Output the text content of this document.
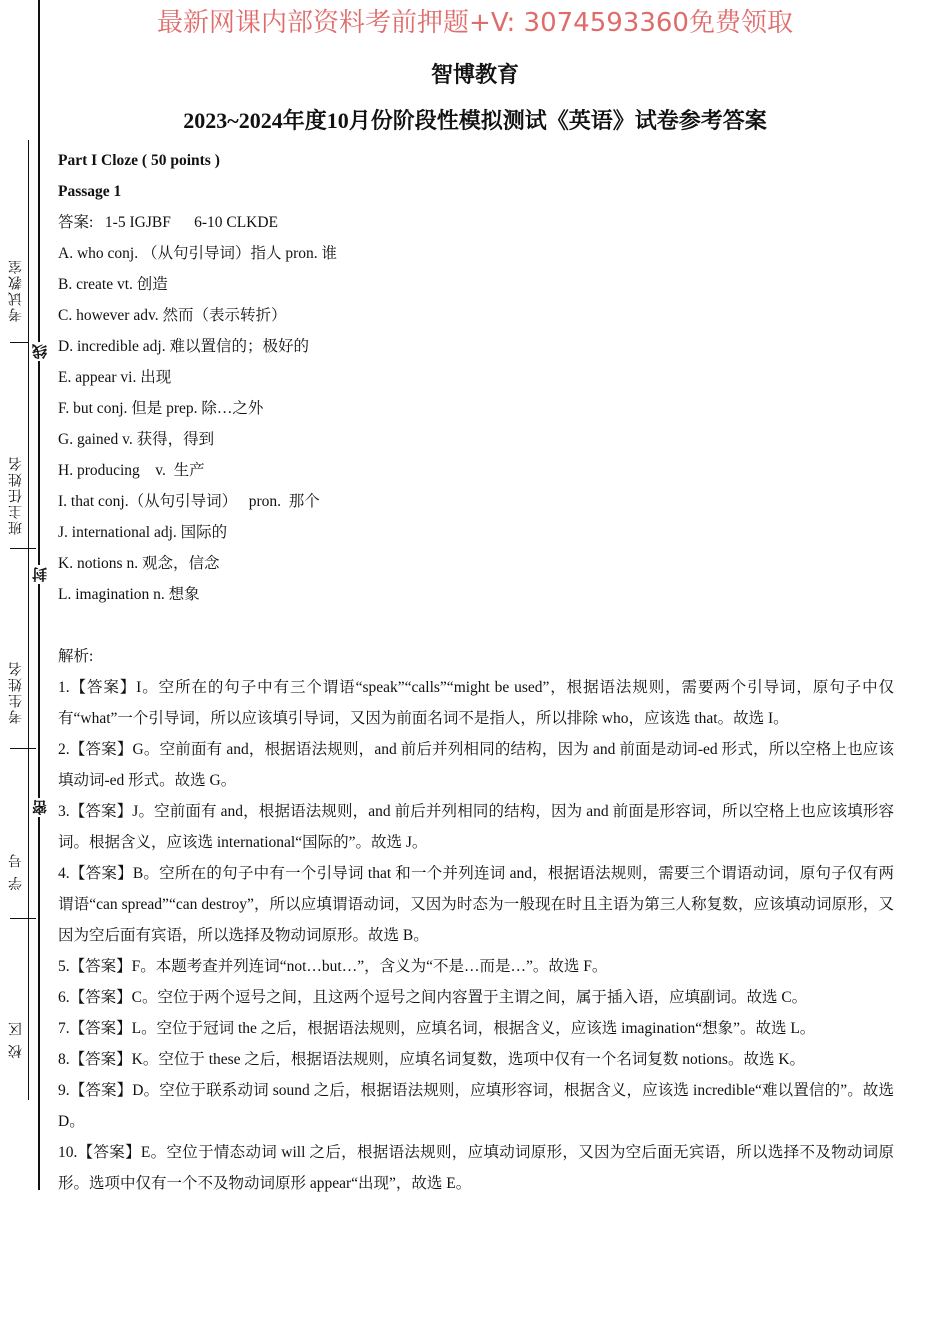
最新网课内部资料考前押题+V: 3074593360免费领取
智博教育
2023~2024年度10月份阶段性模拟测试《英语》试卷参考答案
考试教室
班主任姓名
考生姓名
学 号
校 区
线
封
密

Part I Cloze ( 50 points )

Passage 1

答案:   1-5 IGJBF      6-10 CLKDE

A. who conj. （从句引导词）指人 pron. 谁

B. create vt. 创造

C. however adv. 然而（表示转折）

D. incredible adj. 难以置信的；极好的

E. appear vi. 出现

F. but conj. 但是 prep. 除…之外

G. gained v. 获得，得到

H. producing    v.  生产

I. that conj.（从句引导词）   pron.  那个

J. international adj. 国际的

K. notions n. 观念，信念

L. imagination n. 想象

解析:

1.【答案】I。空所在的句子中有三个谓语“speak”“calls”“might be used”，根据语法规则，需要两个引导词，原句子中仅有“what”一个引导词，所以应该填引导词，又因为前面名词不是指人，所以排除 who，应该选 that。故选 I。

2.【答案】G。空前面有 and，根据语法规则，and 前后并列相同的结构，因为 and 前面是动词-ed 形式，所以空格上也应该填动词-ed 形式。故选 G。

3.【答案】J。空前面有 and，根据语法规则，and 前后并列相同的结构，因为 and 前面是形容词，所以空格上也应该填形容词。根据含义，应该选 international“国际的”。故选 J。

4.【答案】B。空所在的句子中有一个引导词 that 和一个并列连词 and，根据语法规则，需要三个谓语动词，原句子仅有两谓语“can spread”“can destroy”，所以应填谓语动词，又因为时态为一般现在时且主语为第三人称复数，应该填动词原形，又因为空后面有宾语，所以选择及物动词原形。故选 B。

5.【答案】F。本题考查并列连词“not…but…”，含义为“不是…而是…”。故选 F。

6.【答案】C。空位于两个逗号之间，且这两个逗号之间内容置于主谓之间，属于插入语，应填副词。故选 C。

7.【答案】L。空位于冠词 the 之后，根据语法规则，应填名词，根据含义，应该选 imagination“想象”。故选 L。

8.【答案】K。空位于 these 之后，根据语法规则，应填名词复数，选项中仅有一个名词复数 notions。故选 K。

9.【答案】D。空位于联系动词 sound 之后，根据语法规则，应填形容词，根据含义，应该选 incredible“难以置信的”。故选 D。

10.【答案】E。空位于情态动词 will 之后，根据语法规则，应填动词原形，又因为空后面无宾语，所以选择不及物动词原形。选项中仅有一个不及物动词原形 appear“出现”，故选 E。
